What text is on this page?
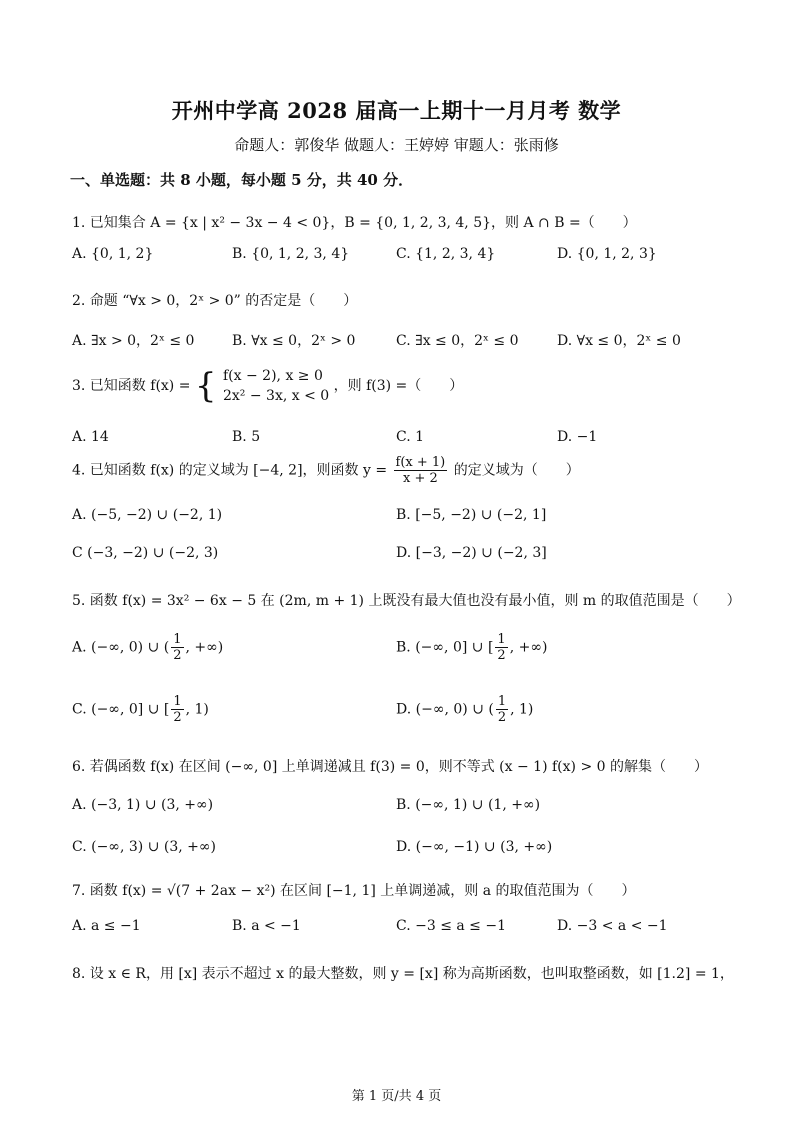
开州中学高 2028 届高一上期十一月月考 数学
命题人：郭俊华 做题人：王婷婷 审题人：张雨修
一、单选题：共 8 小题，每小题 5 分，共 40 分．
1. 已知集合 A = {x | x² − 3x − 4 < 0}，B = {0, 1, 2, 3, 4, 5}，则 A ∩ B =（　　）
A. {0, 1, 2}	B. {0, 1, 2, 3, 4}	C. {1, 2, 3, 4}	D. {0, 1, 2, 3}
2. 命题 “∀x > 0，2ˣ > 0” 的否定是（　　）
A. ∃x > 0，2ˣ ≤ 0	B. ∀x ≤ 0，2ˣ > 0	C. ∃x ≤ 0，2ˣ ≤ 0	D. ∀x ≤ 0，2ˣ ≤ 0
3. 已知函数 f(x) = { f(x − 2), x ≥ 0
2x² − 3x, x < 0
，则 f(3) =（　　）
A. 14	B. 5	C. 1	D. −1
4. 已知函数 f(x) 的定义域为 [−4, 2]，则函数 $y = \frac{f(x + 1)}{x + 2}$ 的定义域为（　　）
A. (−5, −2) ∪ (−2, 1)	B. [−5, −2) ∪ (−2, 1]
C (−3, −2) ∪ (−2, 3)	D. [−3, −2) ∪ (−2, 3]
5. 函数 f(x) = 3x² − 6x − 5 在 (2m, m + 1) 上既没有最大值也没有最小值，则 m 的取值范围是（　　）
A. (−∞, 0) ∪ ( $\frac{1}{2}$ , +∞)	B. (−∞, 0] ∪ [ $\frac{1}{2}$ , +∞)
C. (−∞, 0] ∪ [ $\frac{1}{2}$ , 1)	D. (−∞, 0) ∪ ( $\frac{1}{2}$ , 1)
6. 若偶函数 f(x) 在区间 (−∞, 0] 上单调递减且 f(3) = 0，则不等式 (x − 1) f(x) > 0 的解集（　　）
A. (−3, 1) ∪ (3, +∞)	B. (−∞, 1) ∪ (1, +∞)
C. (−∞, 3) ∪ (3, +∞)	D. (−∞, −1) ∪ (3, +∞)
7. 函数 f(x) = √(7 + 2ax − x²) 在区间 [−1, 1] 上单调递减，则 a 的取值范围为（　　）
A. a ≤ −1	B. a < −1	C. −3 ≤ a ≤ −1	D. −3 < a < −1
8. 设 x ∈ R，用 [x] 表示不超过 x 的最大整数，则 y = [x] 称为高斯函数，也叫取整函数，如 [1.2] = 1，
第 1 页/共 4 页
